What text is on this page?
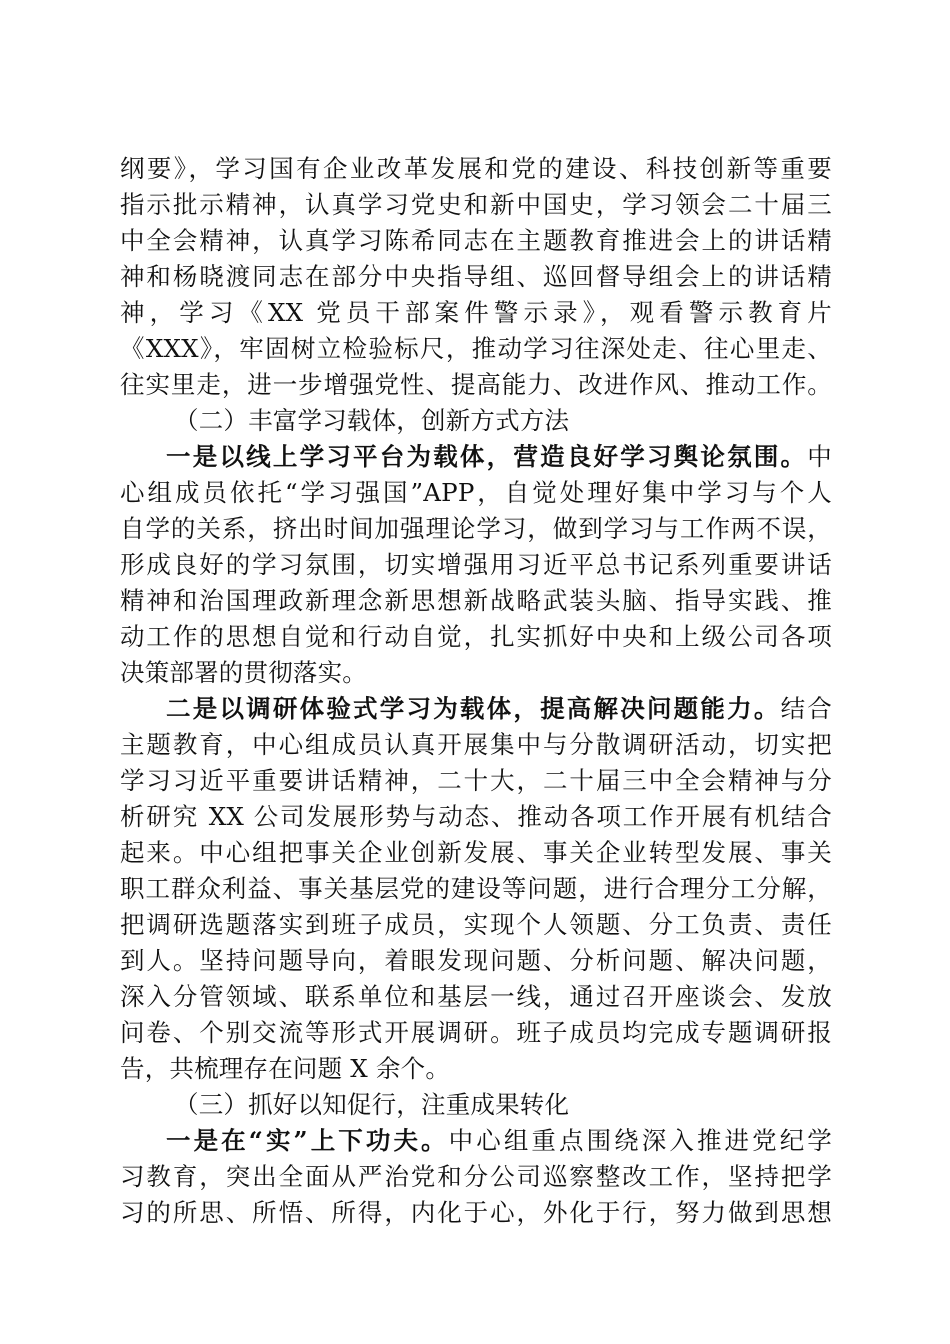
纲要》，学习国有企业改革发展和党的建设、科技创新等重要
指示批示精神，认真学习党史和新中国史，学习领会二十届三
中全会精神，认真学习陈希同志在主题教育推进会上的讲话精
神和杨晓渡同志在部分中央指导组、巡回督导组会上的讲话精
神，学习《XX 党员干部案件警示录》，观看警示教育片
《XXX》，牢固树立检验标尺，推动学习往深处走、往心里走、
往实里走，进一步增强党性、提高能力、改进作风、推动工作。
（二）丰富学习载体，创新方式方法
一是以线上学习平台为载体，营造良好学习舆论氛围。中
心组成员依托“学习强国”APP，自觉处理好集中学习与个人
自学的关系，挤出时间加强理论学习，做到学习与工作两不误，
形成良好的学习氛围，切实增强用习近平总书记系列重要讲话
精神和治国理政新理念新思想新战略武装头脑、指导实践、推
动工作的思想自觉和行动自觉，扎实抓好中央和上级公司各项
决策部署的贯彻落实。
二是以调研体验式学习为载体，提高解决问题能力。结合
主题教育，中心组成员认真开展集中与分散调研活动，切实把
学习习近平重要讲话精神，二十大，二十届三中全会精神与分
析研究 XX 公司发展形势与动态、推动各项工作开展有机结合
起来。中心组把事关企业创新发展、事关企业转型发展、事关
职工群众利益、事关基层党的建设等问题，进行合理分工分解，
把调研选题落实到班子成员，实现个人领题、分工负责、责任
到人。坚持问题导向，着眼发现问题、分析问题、解决问题，
深入分管领域、联系单位和基层一线，通过召开座谈会、发放
问卷、个别交流等形式开展调研。班子成员均完成专题调研报
告，共梳理存在问题 X 余个。
（三）抓好以知促行，注重成果转化
一是在“实”上下功夫。中心组重点围绕深入推进党纪学
习教育，突出全面从严治党和分公司巡察整改工作，坚持把学
习的所思、所悟、所得，内化于心，外化于行，努力做到思想
